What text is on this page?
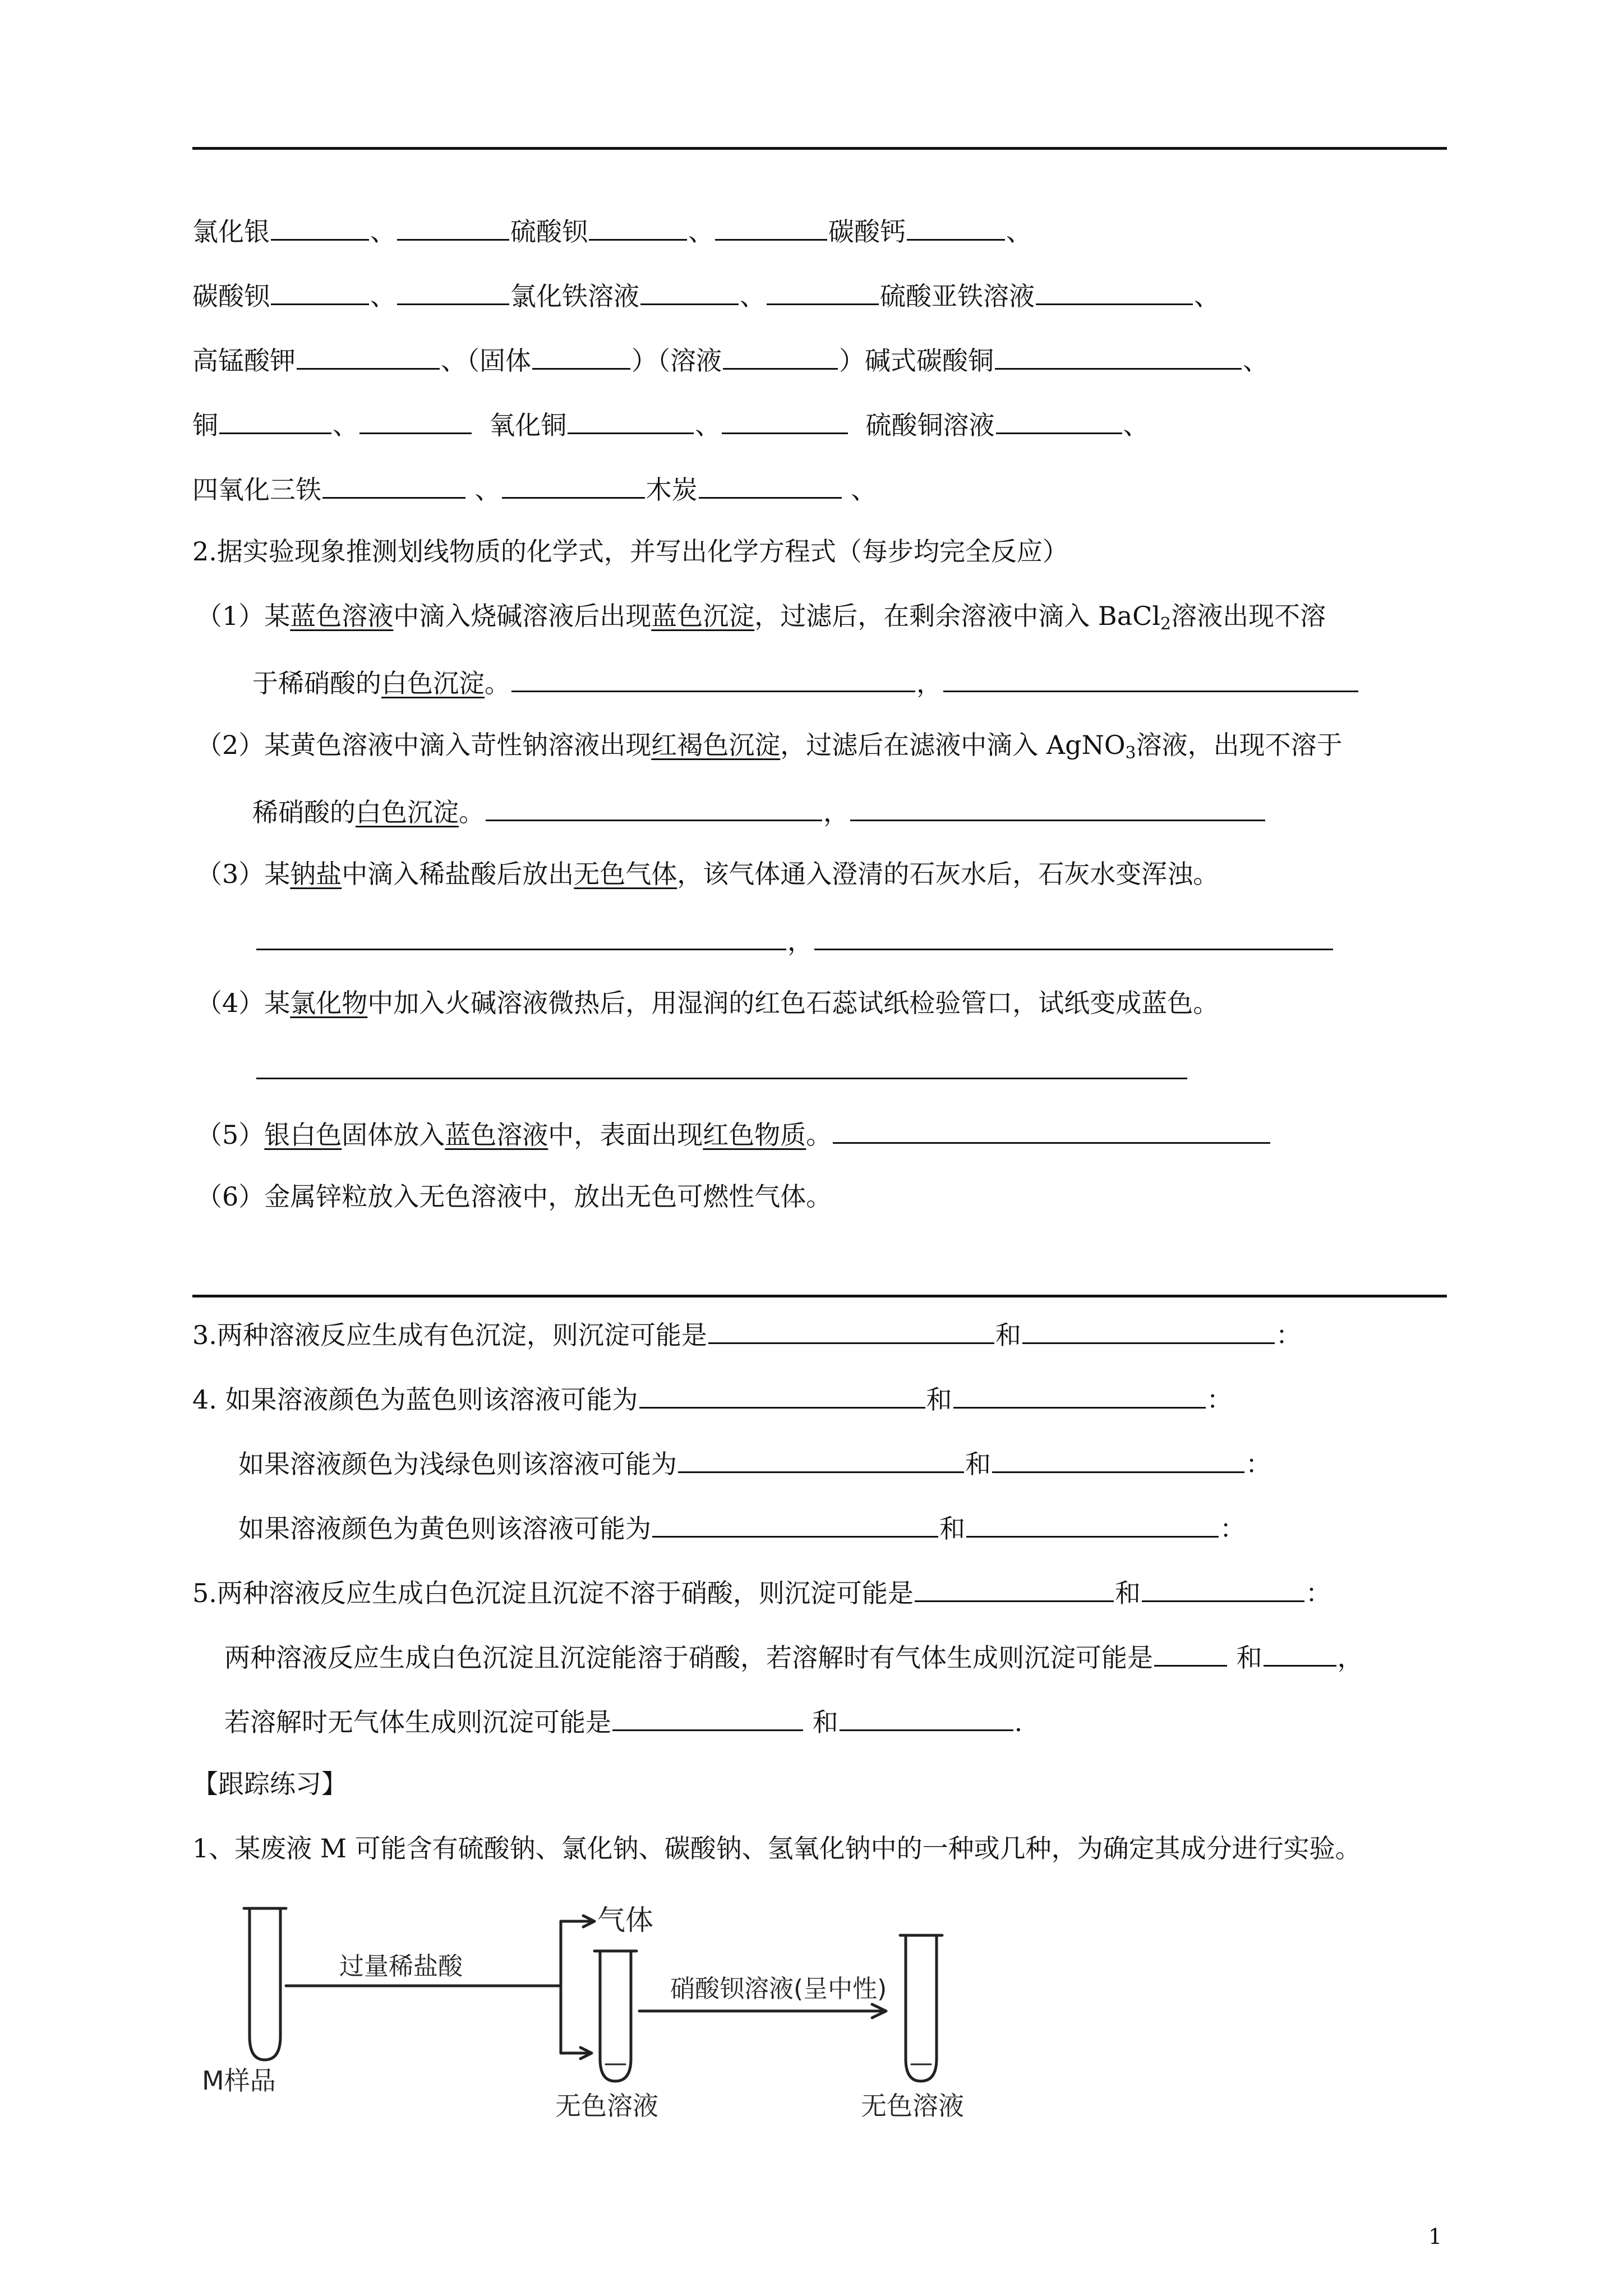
氯化银	、	硫酸钡	、	碳酸钙	、
碳酸钡	、	氯化铁溶液	、	硫酸亚铁溶液	、
高锰酸钾	、（固体	）（溶液	）碱式碳酸铜	、
铜	、	氧化铜	、	硫酸铜溶液	、
四氧化三铁	、	木炭	、
2.据实验现象推测划线物质的化学式，并写出化学方程式（每步均完全反应）
（1）某蓝色溶液中滴入烧碱溶液后出现蓝色沉淀，过滤后，在剩余溶液中滴入 BaCl$_2$溶液出现不溶
于稀硝酸的白色沉淀。	，
（2）某黄色溶液中滴入苛性钠溶液出现红褐色沉淀，过滤后在滤液中滴入 AgNO$_3$溶液，出现不溶于
稀硝酸的白色沉淀。	，
（3）某钠盐中滴入稀盐酸后放出无色气体，该气体通入澄清的石灰水后，石灰水变浑浊。
，
（4）某氯化物中加入火碱溶液微热后，用湿润的红色石蕊试纸检验管口，试纸变成蓝色。
（5）银白色固体放入蓝色溶液中，表面出现红色物质。
（6）金属锌粒放入无色溶液中，放出无色可燃性气体。
3.两种溶液反应生成有色沉淀，则沉淀可能是	和	：
4. 如果溶液颜色为蓝色则该溶液可能为	和	：
如果溶液颜色为浅绿色则该溶液可能为	和	：
如果溶液颜色为黄色则该溶液可能为	和	：
5.两种溶液反应生成白色沉淀且沉淀不溶于硝酸，则沉淀可能是	和	：
两种溶液反应生成白色沉淀且沉淀能溶于硝酸，若溶解时有气体生成则沉淀可能是	和	，
若溶解时无气体生成则沉淀可能是	和	.
【跟踪练习】
1、某废液 M 可能含有硫酸钠、氯化钠、碳酸钠、氢氧化钠中的一种或几种，为确定其成分进行实验。
过量稀盐酸
气体
硝酸钡溶液(呈中性)
M样品
无色溶液	无色溶液
1
